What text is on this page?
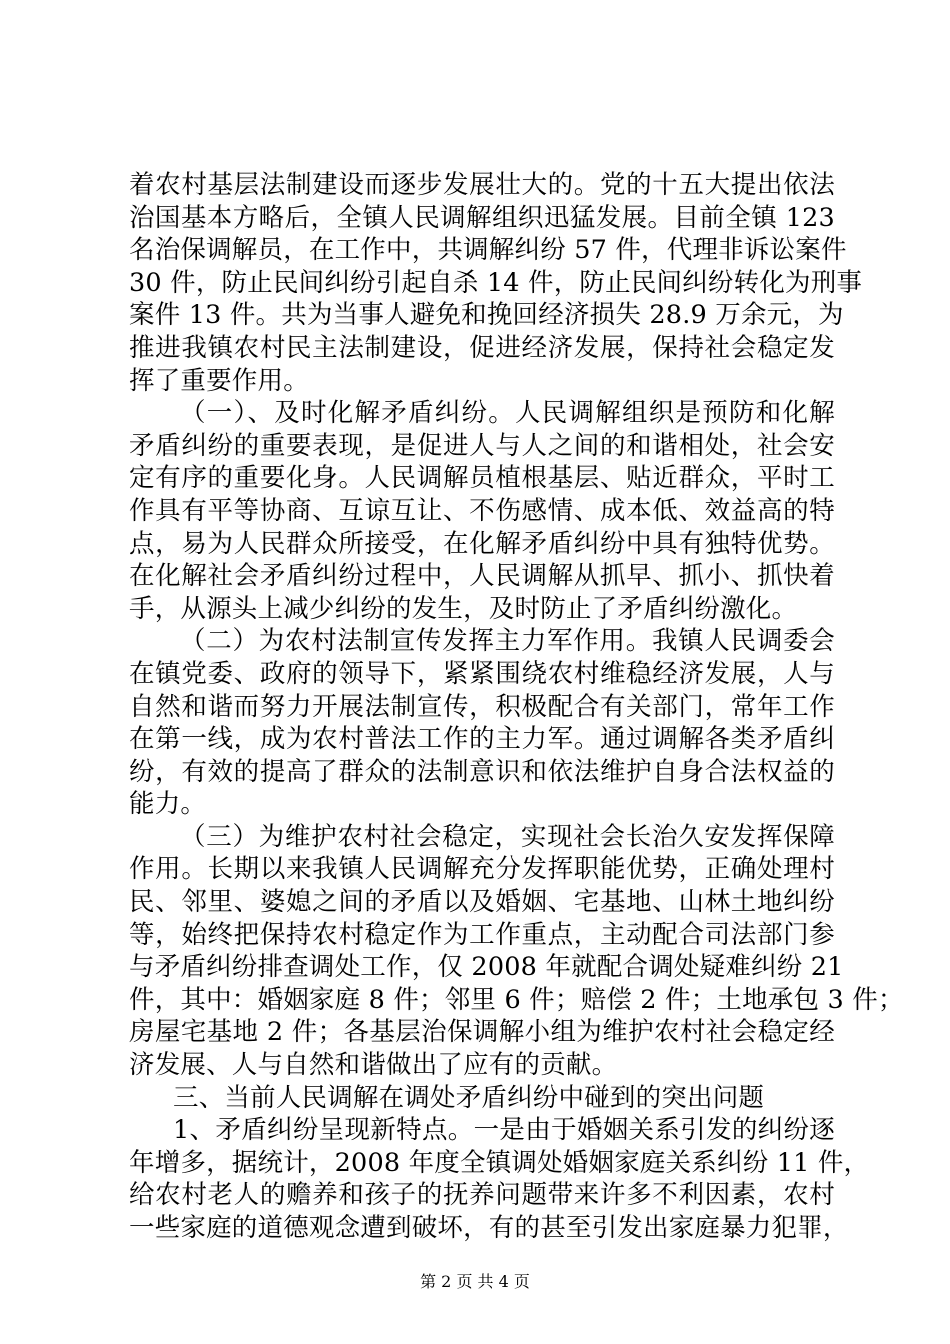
着农村基层法制建设而逐步发展壮大的。党的十五大提出依法
治国基本方略后，全镇人民调解组织迅猛发展。目前全镇 123
名治保调解员，在工作中，共调解纠纷 57 件，代理非诉讼案件
30 件，防止民间纠纷引起自杀 14 件，防止民间纠纷转化为刑事
案件 13 件。共为当事人避免和挽回经济损失 28.9 万余元，为
推进我镇农村民主法制建设，促进经济发展，保持社会稳定发
挥了重要作用。
（一）、及时化解矛盾纠纷。人民调解组织是预防和化解
矛盾纠纷的重要表现，是促进人与人之间的和谐相处，社会安
定有序的重要化身。人民调解员植根基层、贴近群众，平时工
作具有平等协商、互谅互让、不伤感情、成本低、效益高的特
点，易为人民群众所接受，在化解矛盾纠纷中具有独特优势。
在化解社会矛盾纠纷过程中，人民调解从抓早、抓小、抓快着
手，从源头上减少纠纷的发生，及时防止了矛盾纠纷激化。
（二）为农村法制宣传发挥主力军作用。我镇人民调委会
在镇党委、政府的领导下，紧紧围绕农村维稳经济发展，人与
自然和谐而努力开展法制宣传，积极配合有关部门，常年工作
在第一线，成为农村普法工作的主力军。通过调解各类矛盾纠
纷，有效的提高了群众的法制意识和依法维护自身合法权益的
能力。
（三）为维护农村社会稳定，实现社会长治久安发挥保障
作用。长期以来我镇人民调解充分发挥职能优势，正确处理村
民、邻里、婆媳之间的矛盾以及婚姻、宅基地、山林土地纠纷
等，始终把保持农村稳定作为工作重点，主动配合司法部门参
与矛盾纠纷排查调处工作，仅 2008 年就配合调处疑难纠纷 21
件，其中：婚姻家庭 8 件；邻里 6 件；赔偿 2 件；土地承包 3 件；
房屋宅基地 2 件；各基层治保调解小组为维护农村社会稳定经
济发展、人与自然和谐做出了应有的贡献。
三、当前人民调解在调处矛盾纠纷中碰到的突出问题
1、矛盾纠纷呈现新特点。一是由于婚姻关系引发的纠纷逐
年增多，据统计，2008 年度全镇调处婚姻家庭关系纠纷 11 件，
给农村老人的赡养和孩子的抚养问题带来许多不利因素，农村
一些家庭的道德观念遭到破坏，有的甚至引发出家庭暴力犯罪，
第 2 页 共 4 页
